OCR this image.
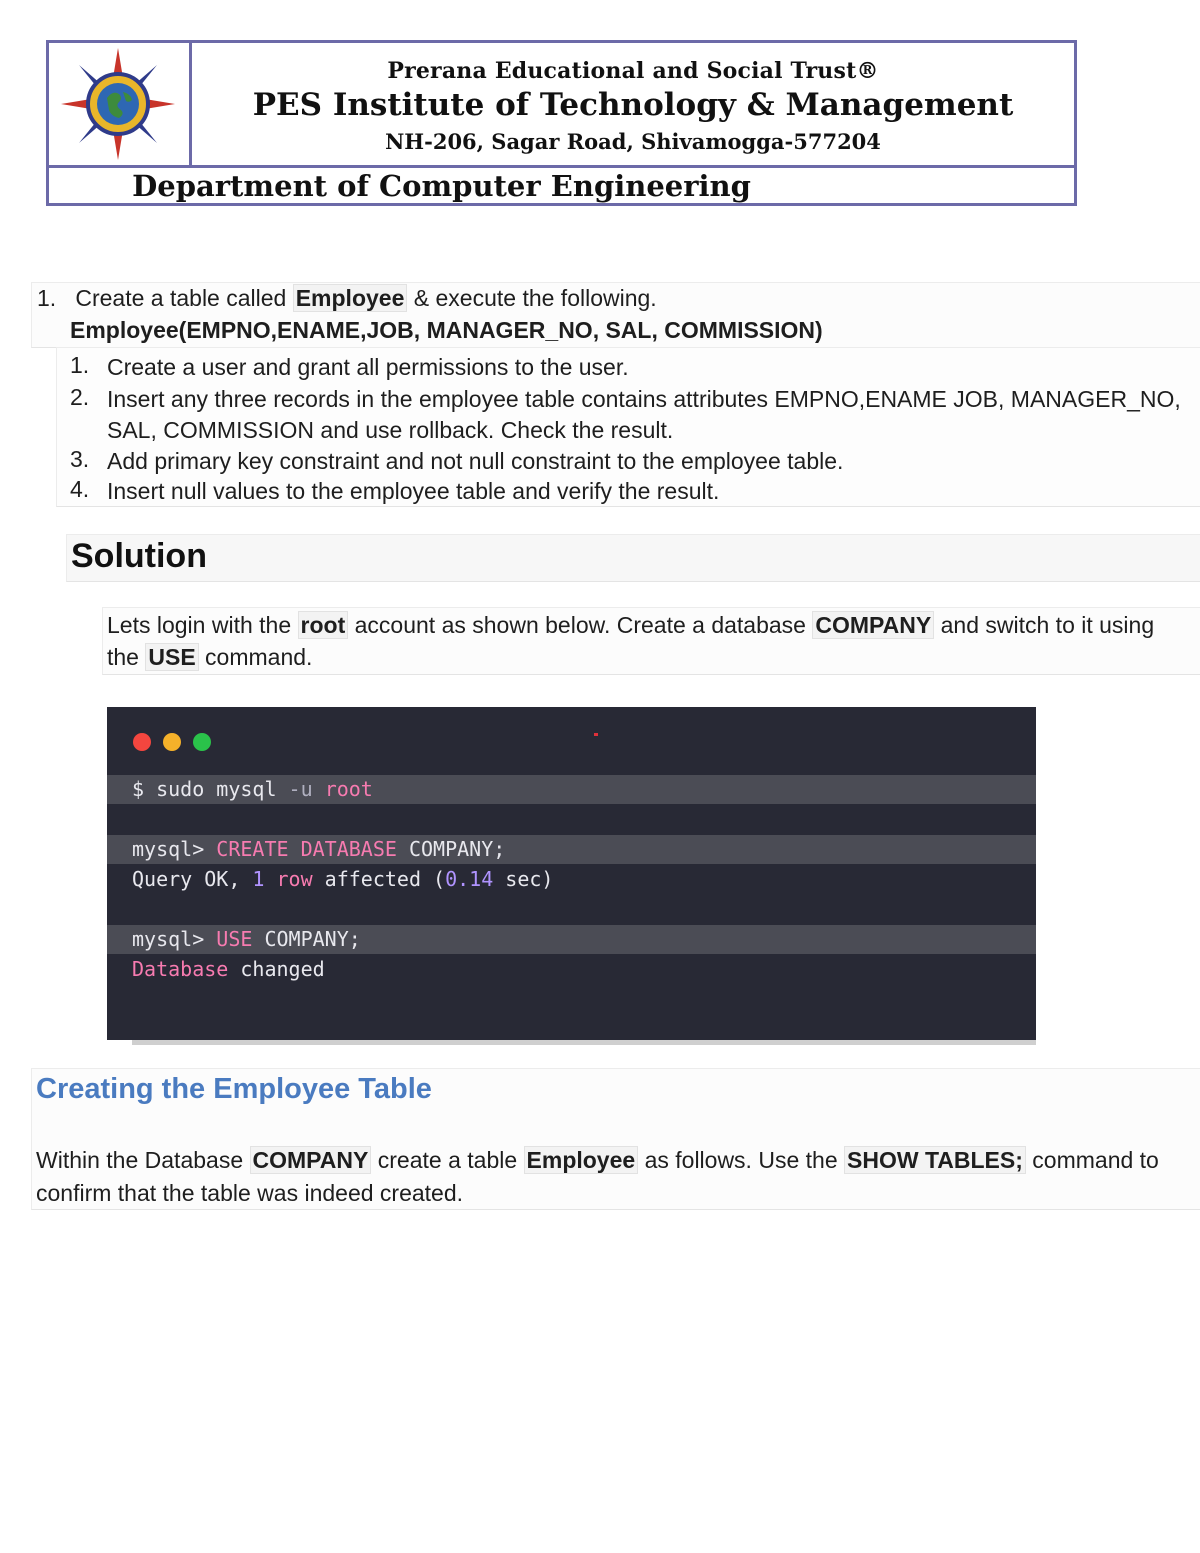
Prerana Educational and Social Trust®
PES Institute of Technology & Management
NH-206, Sagar Road, Shivamogga-577204
Department of Computer Engineering
1. Create a table called Employee & execute the following.
Employee(EMPNO,ENAME,JOB, MANAGER_NO, SAL, COMMISSION)
1. Create a user and grant all permissions to the user.
2. Insert any three records in the employee table contains attributes EMPNO,ENAME JOB, MANAGER_NO, SAL, COMMISSION and use rollback. Check the result.
3. Add primary key constraint and not null constraint to the employee table.
4. Insert null values to the employee table and verify the result.
Solution
Lets login with the root account as shown below. Create a database COMPANY and switch to it using the USE command.

$ sudo mysql -u root

mysql> CREATE DATABASE COMPANY;

Query OK, 1 row affected (0.14 sec)

mysql> USE COMPANY;

Database changed

Creating the Employee Table
Within the Database COMPANY create a table Employee as follows. Use the SHOW TABLES; command to confirm that the table was indeed created.
